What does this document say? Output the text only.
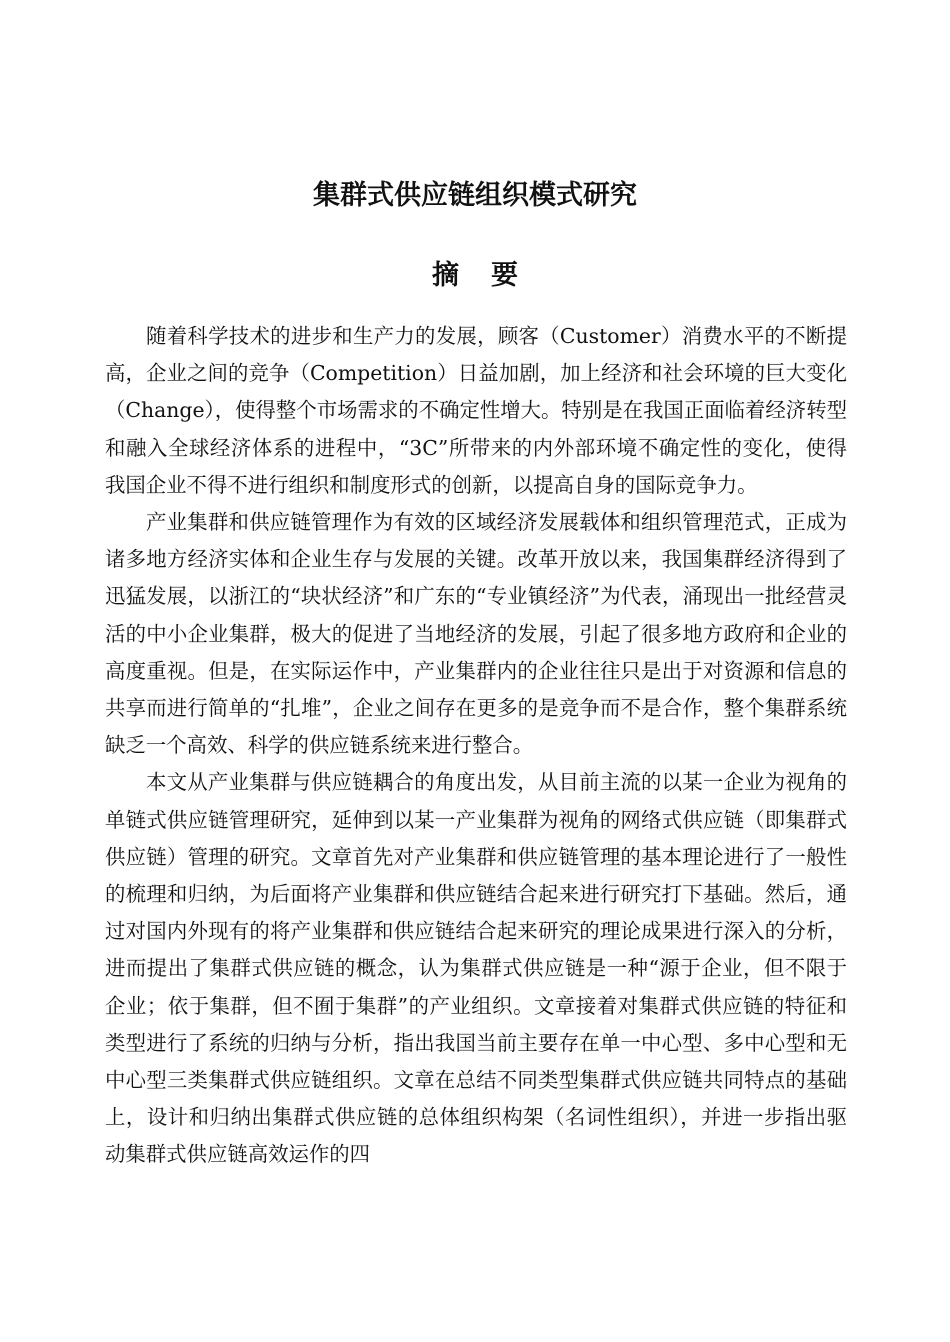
集群式供应链组织模式研究
摘 要

随着科学技术的进步和生产力的发展，顾客（Customer）消费水平的不断提高，企业之间的竞争（Competition）日益加剧，加上经济和社会环境的巨大变化（Change），使得整个市场需求的不确定性增大。特别是在我国正面临着经济转型和融入全球经济体系的进程中，“3C”所带来的内外部环境不确定性的变化，使得我国企业不得不进行组织和制度形式的创新，以提高自身的国际竞争力。

产业集群和供应链管理作为有效的区域经济发展载体和组织管理范式，正成为诸多地方经济实体和企业生存与发展的关键。改革开放以来，我国集群经济得到了迅猛发展，以浙江的“块状经济”和广东的“专业镇经济”为代表，涌现出一批经营灵活的中小企业集群，极大的促进了当地经济的发展，引起了很多地方政府和企业的高度重视。但是，在实际运作中，产业集群内的企业往往只是出于对资源和信息的共享而进行简单的“扎堆”，企业之间存在更多的是竞争而不是合作，整个集群系统缺乏一个高效、科学的供应链系统来进行整合。

本文从产业集群与供应链耦合的角度出发，从目前主流的以某一企业为视角的单链式供应链管理研究，延伸到以某一产业集群为视角的网络式供应链（即集群式供应链）管理的研究。文章首先对产业集群和供应链管理的基本理论进行了一般性的梳理和归纳，为后面将产业集群和供应链结合起来进行研究打下基础。然后，通过对国内外现有的将产业集群和供应链结合起来研究的理论成果进行深入的分析，进而提出了集群式供应链的概念，认为集群式供应链是一种“源于企业，但不限于企业；依于集群，但不囿于集群”的产业组织。文章接着对集群式供应链的特征和类型进行了系统的归纳与分析，指出我国当前主要存在单一中心型、多中心型和无中心型三类集群式供应链组织。文章在总结不同类型集群式供应链共同特点的基础上，设计和归纳出集群式供应链的总体组织构架（名词性组织），并进一步指出驱动集群式供应链高效运作的四
